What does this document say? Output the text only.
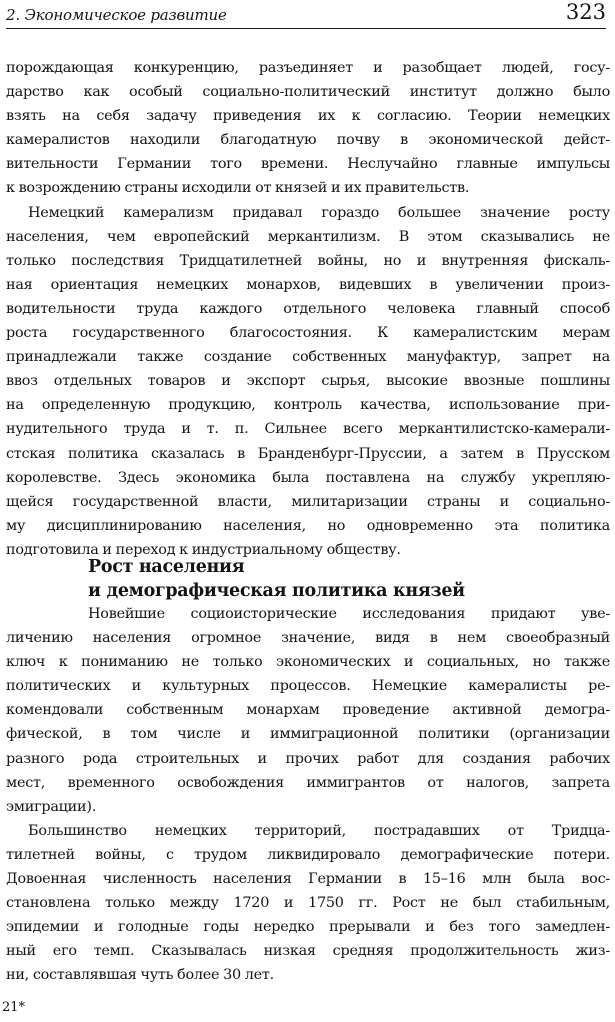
2. Экономическое развитие	323
порождающая конкуренцию, разъединяет и разобщает людей, госу-
дарство как особый социально-политический институт должно было
взять на себя задачу приведения их к согласию. Теории немецких
камералистов находили благодатную почву в экономической дейст-
вительности Германии того времени. Неслучайно главные импульсы
к возрождению страны исходили от князей и их правительств.
Немецкий камерализм придавал гораздо большее значение росту
населения, чем европейский меркантилизм. В этом сказывались не
только последствия Тридцатилетней войны, но и внутренняя фискаль-
ная ориентация немецких монархов, видевших в увеличении произ-
водительности труда каждого отдельного человека главный способ
роста государственного благосостояния. К камералистским мерам
принадлежали также создание собственных мануфактур, запрет на
ввоз отдельных товаров и экспорт сырья, высокие ввозные пошлины
на определенную продукцию, контроль качества, использование при-
нудительного труда и т. п. Сильнее всего меркантилистско-камерали-
стская политика сказалась в Бранденбург-Пруссии, а затем в Прусском
королевстве. Здесь экономика была поставлена на службу укрепляю-
щейся государственной власти, милитаризации страны и социально-
му дисциплинированию населения, но одновременно эта политика
подготовила и переход к индустриальному обществу.
Рост населения
и демографическая политика князей
Новейшие социоисторические исследования придают уве-
личению населения огромное значение, видя в нем своеобразный
ключ к пониманию не только экономических и социальных, но также
политических и культурных процессов. Немецкие камералисты ре-
комендовали собственным монархам проведение активной демогра-
фической, в том числе и иммиграционной политики (организации
разного рода строительных и прочих работ для создания рабочих
мест, временного освобождения иммигрантов от налогов, запрета
эмиграции).
Большинство немецких территорий, пострадавших от Тридца-
тилетней войны, с трудом ликвидировало демографические потери.
Довоенная численность населения Германии в 15–16 млн была вос-
становлена только между 1720 и 1750 гг. Рост не был стабильным,
эпидемии и голодные годы нередко прерывали и без того замедлен-
ный его темп. Сказывалась низкая средняя продолжительность жиз-
ни, составлявшая чуть более 30 лет.
21*
